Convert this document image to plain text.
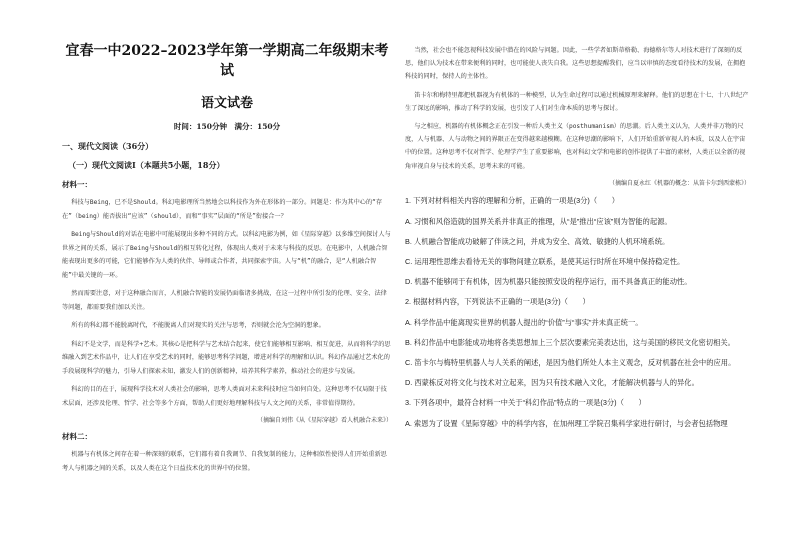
宜春一中2022–2023学年第一学期高二年级期末考试

语文试卷

时间：150分钟　满分：150分

一、现代文阅读（36分）

（一）现代文阅读Ⅰ（本题共5小题，18分）

材料一：

科技与Being，已不是Should。科幻电影理所当然地会以科技作为外在形体的一部分。问题是：作为其中心的“存在”（being）能否拔出“应该”（should），而和“事实”层面的“所是”衔接合一？

Being与Should的对话在电影中可能展现出多种不同的方式。以科幻电影为例，如《星际穿越》以多维空间探讨人与世界之间的关系，展示了Being与Should的相互转化过程，体现出人类对于未来与科技的反思。在电影中，人机融合智能表现出更多的可能，它们能够作为人类的伙伴、导师或合作者，共同探索宇宙。人与“机”的融合，是“人机融合智能”中最关键的一环。

然而需要注意，对于这种融合而言，人机融合智能的发展仍面临诸多挑战，在这一过程中所引发的伦理、安全、法律等问题，都需要我们加以关注。

所有的科幻都不能脱离时代，不能脱离人们对现实的关注与思考，否则就会沦为空洞的想象。

科幻不是文学，而是科学+艺术。其核心是把科学与艺术结合起来，使它们能够相互影响、相互促进，从而将科学的思维融入到艺术作品中，让人们在享受艺术的同时，能够思考科学问题，增进对科学的理解和认识。科幻作品通过艺术化的手段展现科学的魅力，引导人们探索未知，激发人们的创新精神，培养其科学素养，推动社会的进步与发展。

科幻的目的在于，展现科学技术对人类社会的影响，思考人类面对未来科技时应当如何自处。这种思考不仅局限于技术层面，还涉及伦理、哲学、社会等多个方面，帮助人们更好地理解科技与人文之间的关系，非常值得期待。

（摘编自刘伟《从《星际穿越》看人机融合未来》）

材料二：

机器与有机体之间存在着一种深刻的联系，它们都有着自我调节、自我复制的能力，这种相似性使得人们开始重新思考人与机器之间的关系，以及人类在这个日益技术化的世界中的位置。

当然，社会也不能忽视科技发展中潜在的风险与问题。因此，一些学者如斯蒂格勒、海德格尔等人对技术进行了深刻的反思，他们认为技术在带来便利的同时，也可能使人丧失自我。这些思想提醒我们，应当以审慎的态度看待技术的发展，在拥抱科技的同时，保持人的主体性。

笛卡尔和梅特里都把机器视为有机体的一种模型，认为生命过程可以通过机械原理来解释。他们的思想在十七、十八世纪产生了深远的影响，推动了科学的发展，也引发了人们对生命本质的思考与探讨。

与之相应，机器的有机体概念正在引发一种后人类主义（posthumanism）的思潮。后人类主义认为，人类并非万物的尺度，人与机器、人与动物之间的界限正在变得越来越模糊。在这种思潮的影响下，人们开始重新审视人的本质，以及人在宇宙中的位置。这种思考不仅对哲学、伦理学产生了重要影响，也对科幻文学和电影的创作提供了丰富的素材，人类正以全新的视角审视自身与技术的关系，思考未来的可能。

（摘编自夏永红《机器的概念：从笛卡尔到西蒙栋》）

1. 下列对材料相关内容的理解和分析，正确的一项是(3分)（　　）

A. 习惯和风俗造就的国界关系并非真正的推理，从“是”推出“应该”则为智能的起源。

B. 人机融合智能成功破解了伴读之问，并成为安全、高效、敏捷的人机环境系统。

C. 运用理性思维去看待无关的事物间建立联系，是使其运行时所在环境中保持稳定性。

D. 机器不能够同于有机体，因为机器只能按照安设的程序运行，而不具备真正的能动性。

2. 根据材料内容，下列说法不正确的一项是(3分)（　　）

A. 科学作品中能离现实世界的机器人提出的“价值”与“事实”并未真正统一。

B. 科幻作品中电影能成功地将各类思想加上三个层次要素完美表达出，这与美国的移民文化密切相关。

C. 笛卡尔与梅特里机器人与人关系的阐述，是因为他们所处人本主义观念，反对机器在社会中的应用。

D. 西蒙栋反对将文化与技术对立起来，因为只有技术融入文化，才能解决机器与人的异化。

3. 下列各项中，最符合材料一中关于“科幻作品”特点的一项是(3分)（　　）

A. 索恩为了设置《星际穿越》中的科学内容，在加州理工学院召集科学家进行研讨，与会者包括物理
